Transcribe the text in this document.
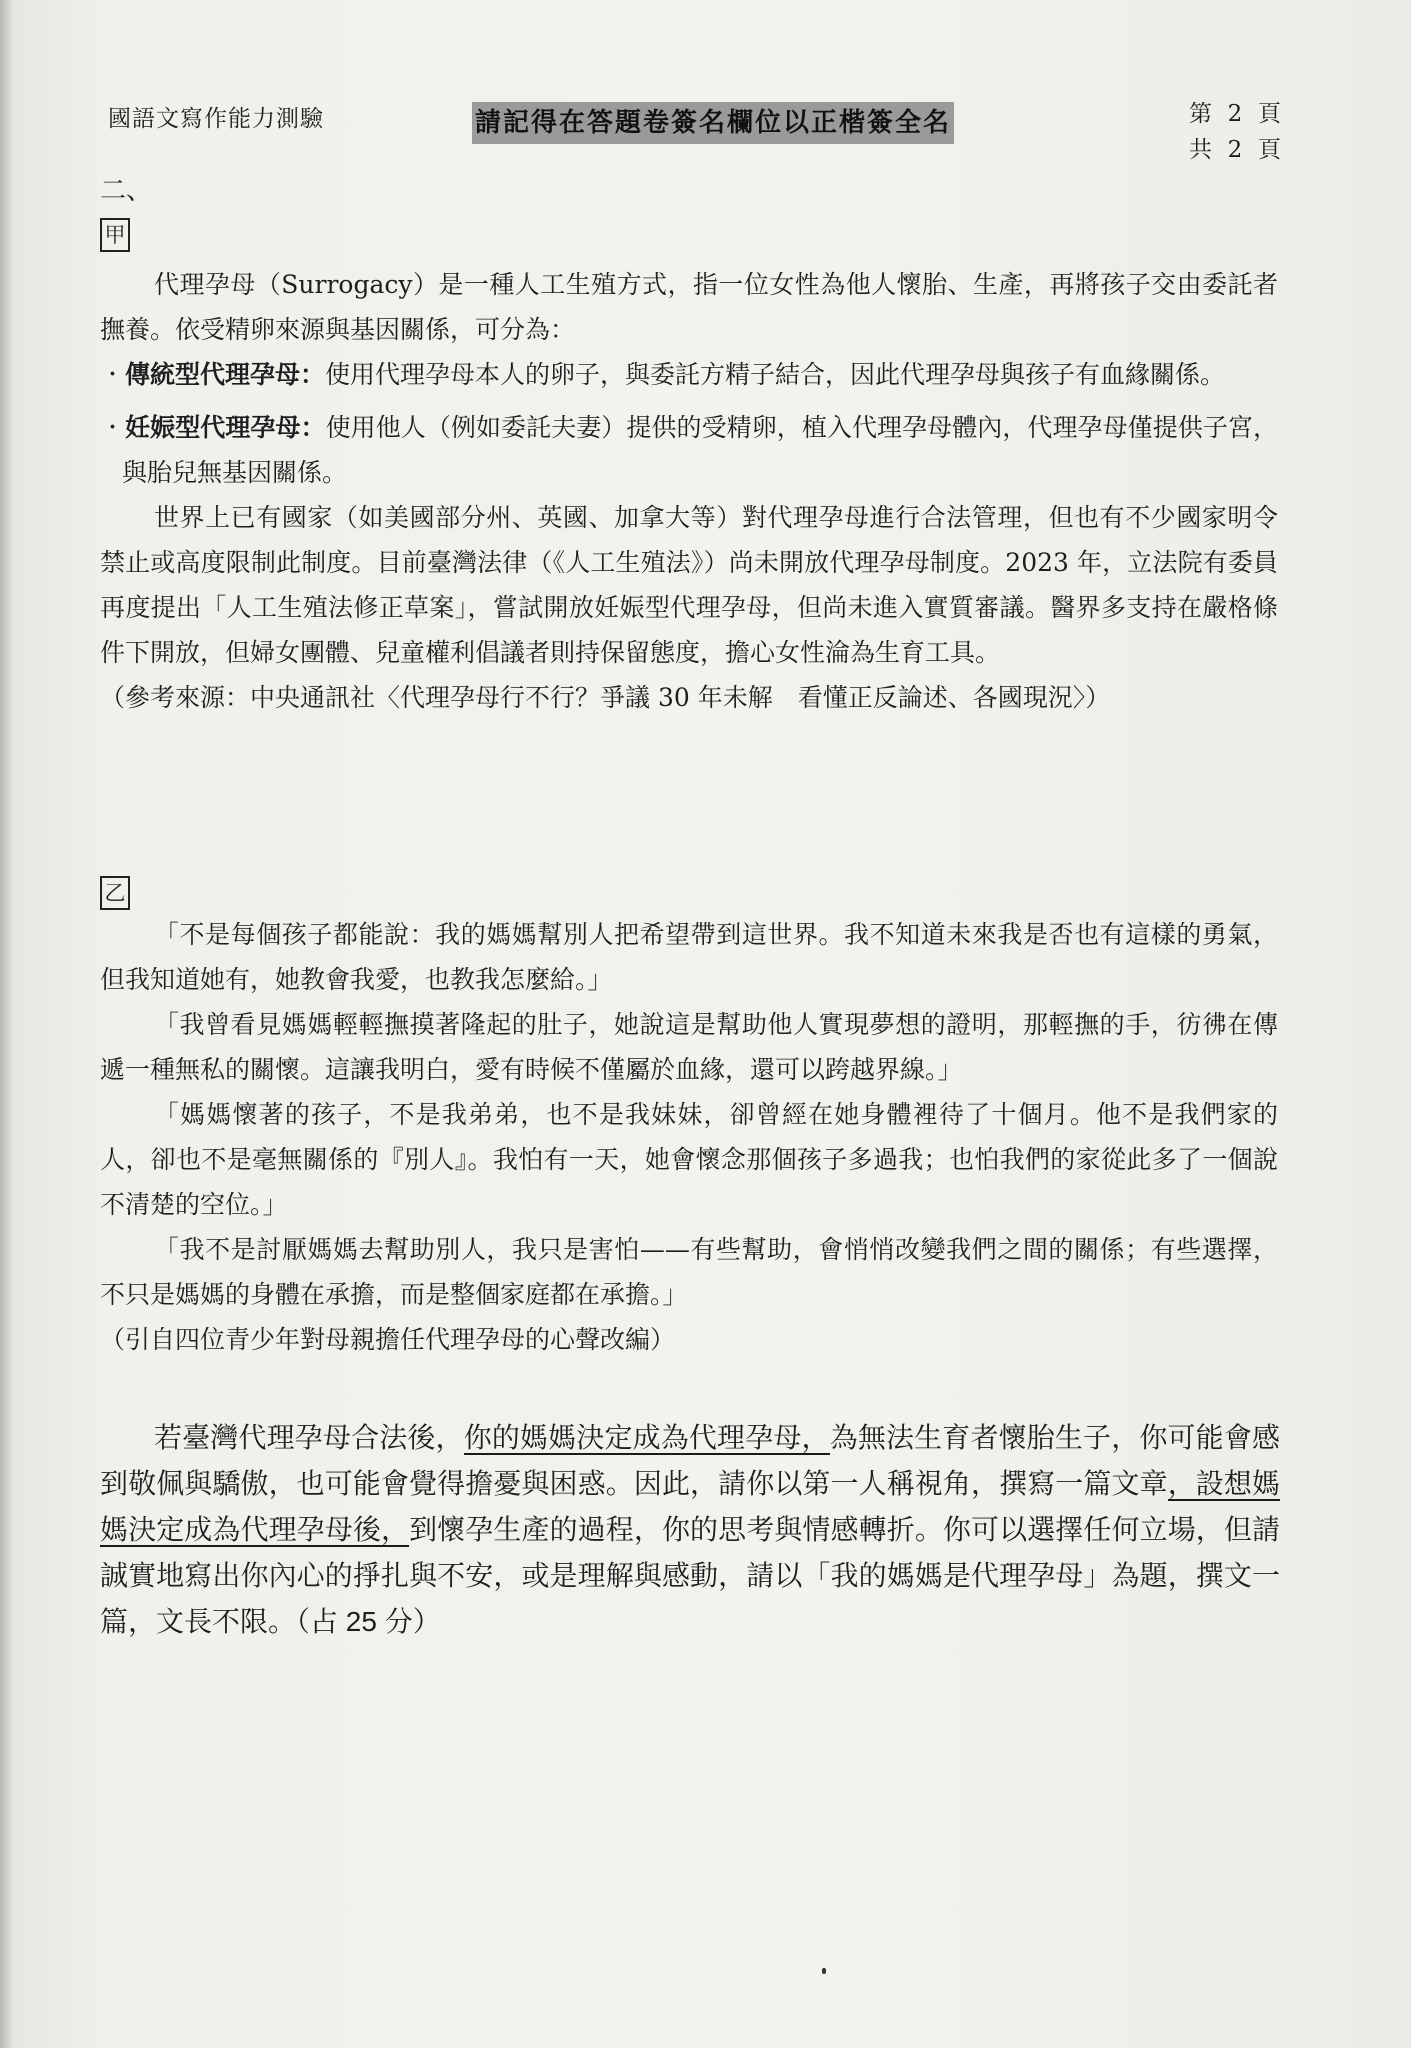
國語文寫作能力測驗	請記得在答題卷簽名欄位以正楷簽全名	第 2 頁
共 2 頁
二、
甲

代理孕母（Surrogacy）是一種人工生殖方式，指一位女性為他人懷胎、生產，再將孩子交由委託者撫養。依受精卵來源與基因關係，可分為：

‧傳統型代理孕母：使用代理孕母本人的卵子，與委託方精子結合，因此代理孕母與孩子有血緣關係。

‧妊娠型代理孕母：使用他人（例如委託夫妻）提供的受精卵，植入代理孕母體內，代理孕母僅提供子宮，與胎兒無基因關係。

世界上已有國家（如美國部分州、英國、加拿大等）對代理孕母進行合法管理，但也有不少國家明令禁止或高度限制此制度。目前臺灣法律（《人工生殖法》）尚未開放代理孕母制度。2023 年，立法院有委員再度提出「人工生殖法修正草案」，嘗試開放妊娠型代理孕母，但尚未進入實質審議。醫界多支持在嚴格條件下開放，但婦女團體、兒童權利倡議者則持保留態度，擔心女性淪為生育工具。

（參考來源：中央通訊社〈代理孕母行不行？爭議 30 年未解　看懂正反論述、各國現況〉）

乙

「不是每個孩子都能說：我的媽媽幫別人把希望帶到這世界。我不知道未來我是否也有這樣的勇氣，但我知道她有，她教會我愛，也教我怎麼給。」

「我曾看見媽媽輕輕撫摸著隆起的肚子，她說這是幫助他人實現夢想的證明，那輕撫的手，彷彿在傳遞一種無私的關懷。這讓我明白，愛有時候不僅屬於血緣，還可以跨越界線。」

「媽媽懷著的孩子，不是我弟弟，也不是我妹妹，卻曾經在她身體裡待了十個月。他不是我們家的人，卻也不是毫無關係的『別人』。我怕有一天，她會懷念那個孩子多過我；也怕我們的家從此多了一個說不清楚的空位。」

「我不是討厭媽媽去幫助別人，我只是害怕——有些幫助，會悄悄改變我們之間的關係；有些選擇，不只是媽媽的身體在承擔，而是整個家庭都在承擔。」

（引自四位青少年對母親擔任代理孕母的心聲改編）

若臺灣代理孕母合法後，你的媽媽決定成為代理孕母，為無法生育者懷胎生子，你可能會感到敬佩與驕傲，也可能會覺得擔憂與困惑。因此，請你以第一人稱視角，撰寫一篇文章，設想媽媽決定成為代理孕母後，到懷孕生產的過程，你的思考與情感轉折。你可以選擇任何立場，但請誠實地寫出你內心的掙扎與不安，或是理解與感動，請以「我的媽媽是代理孕母」為題，撰文一篇，文長不限。（占 25 分）
